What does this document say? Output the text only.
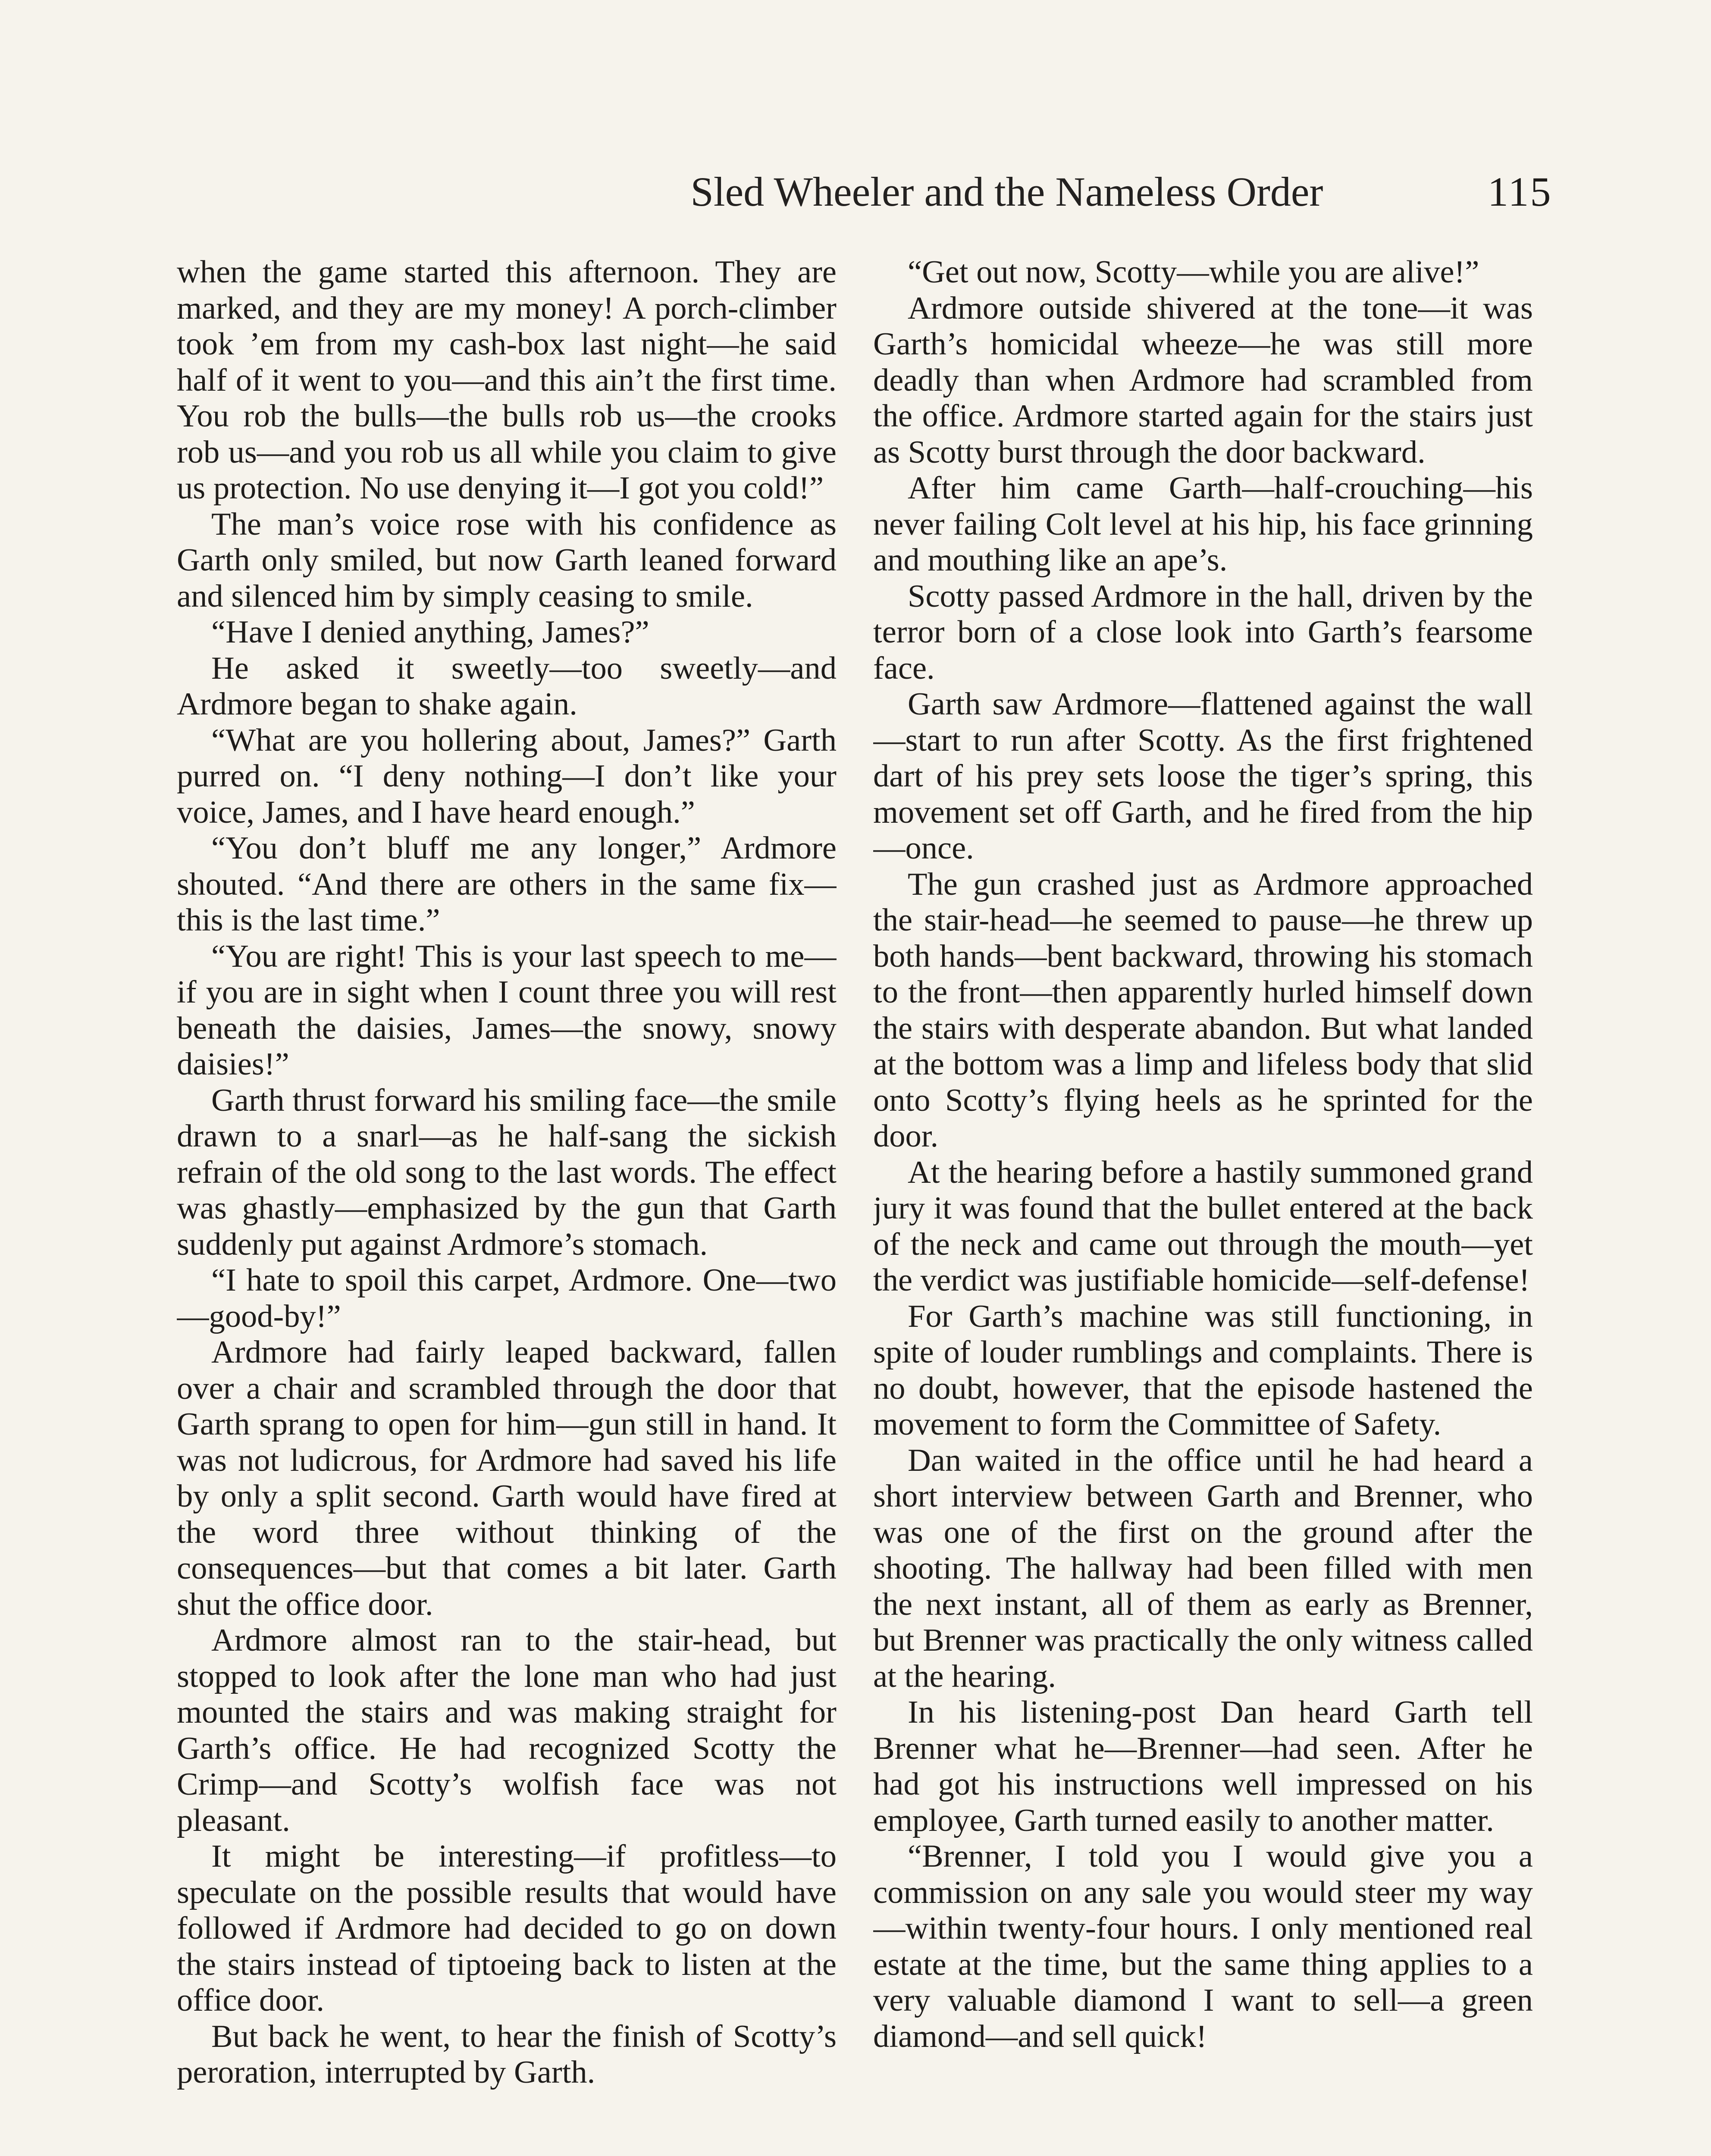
Sled Wheeler and the Nameless Order	115

when the game started this afternoon. They are marked, and they are my money! A porch-climber took ’em from my cash-box last night—he said half of it went to you—and this ain’t the first time. You rob the bulls—the bulls rob us—the crooks rob us—and you rob us all while you claim to give us protection. No use denying it—I got you cold!”

The man’s voice rose with his confidence as Garth only smiled, but now Garth leaned forward and silenced him by simply ceasing to smile.

“Have I denied anything, James?”

He asked it sweetly—too sweetly—and Ardmore began to shake again.

“What are you hollering about, James?” Garth purred on. “I deny nothing—I don’t like your voice, James, and I have heard enough.”

“You don’t bluff me any longer,” Ardmore shouted. “And there are others in the same fix—this is the last time.”

“You are right! This is your last speech to me—if you are in sight when I count three you will rest beneath the daisies, James—the snowy, snowy daisies!”

Garth thrust forward his smiling face—the smile drawn to a snarl—as he half-sang the sickish refrain of the old song to the last words. The effect was ghastly—emphasized by the gun that Garth suddenly put against Ardmore’s stomach.

“I hate to spoil this carpet, Ardmore. One—two—good-by!”

Ardmore had fairly leaped backward, fallen over a chair and scrambled through the door that Garth sprang to open for him—gun still in hand. It was not ludicrous, for Ardmore had saved his life by only a split second. Garth would have fired at the word three without thinking of the consequences—but that comes a bit later. Garth shut the office door.

Ardmore almost ran to the stair-head, but stopped to look after the lone man who had just mounted the stairs and was making straight for Garth’s office. He had recognized Scotty the Crimp—and Scotty’s wolfish face was not pleasant.

It might be interesting—if profitless—to speculate on the possible results that would have followed if Ardmore had decided to go on down the stairs instead of tiptoeing back to listen at the office door.

But back he went, to hear the finish of Scotty’s peroration, interrupted by Garth.

“Get out now, Scotty—while you are alive!”

Ardmore outside shivered at the tone—it was Garth’s homicidal wheeze—he was still more deadly than when Ardmore had scrambled from the office. Ardmore started again for the stairs just as Scotty burst through the door backward.

After him came Garth—half-crouching—his never failing Colt level at his hip, his face grinning and mouthing like an ape’s.

Scotty passed Ardmore in the hall, driven by the terror born of a close look into Garth’s fearsome face.

Garth saw Ardmore—flattened against the wall—start to run after Scotty. As the first frightened dart of his prey sets loose the tiger’s spring, this movement set off Garth, and he fired from the hip—once.

The gun crashed just as Ardmore approached the stair-head—he seemed to pause—he threw up both hands—bent backward, throwing his stomach to the front—then apparently hurled himself down the stairs with desperate abandon. But what landed at the bottom was a limp and lifeless body that slid onto Scotty’s flying heels as he sprinted for the door.

At the hearing before a hastily summoned grand jury it was found that the bullet entered at the back of the neck and came out through the mouth—yet the verdict was justifiable homicide—self-defense!

For Garth’s machine was still functioning, in spite of louder rumblings and complaints. There is no doubt, however, that the episode hastened the movement to form the Committee of Safety.

Dan waited in the office until he had heard a short interview between Garth and Brenner, who was one of the first on the ground after the shooting. The hallway had been filled with men the next instant, all of them as early as Brenner, but Brenner was practically the only witness called at the hearing.

In his listening-post Dan heard Garth tell Brenner what he—Brenner—had seen. After he had got his instructions well impressed on his employee, Garth turned easily to another matter.

“Brenner, I told you I would give you a commission on any sale you would steer my way—within twenty-four hours. I only mentioned real estate at the time, but the same thing applies to a very valuable diamond I want to sell—a green diamond—and sell quick!
